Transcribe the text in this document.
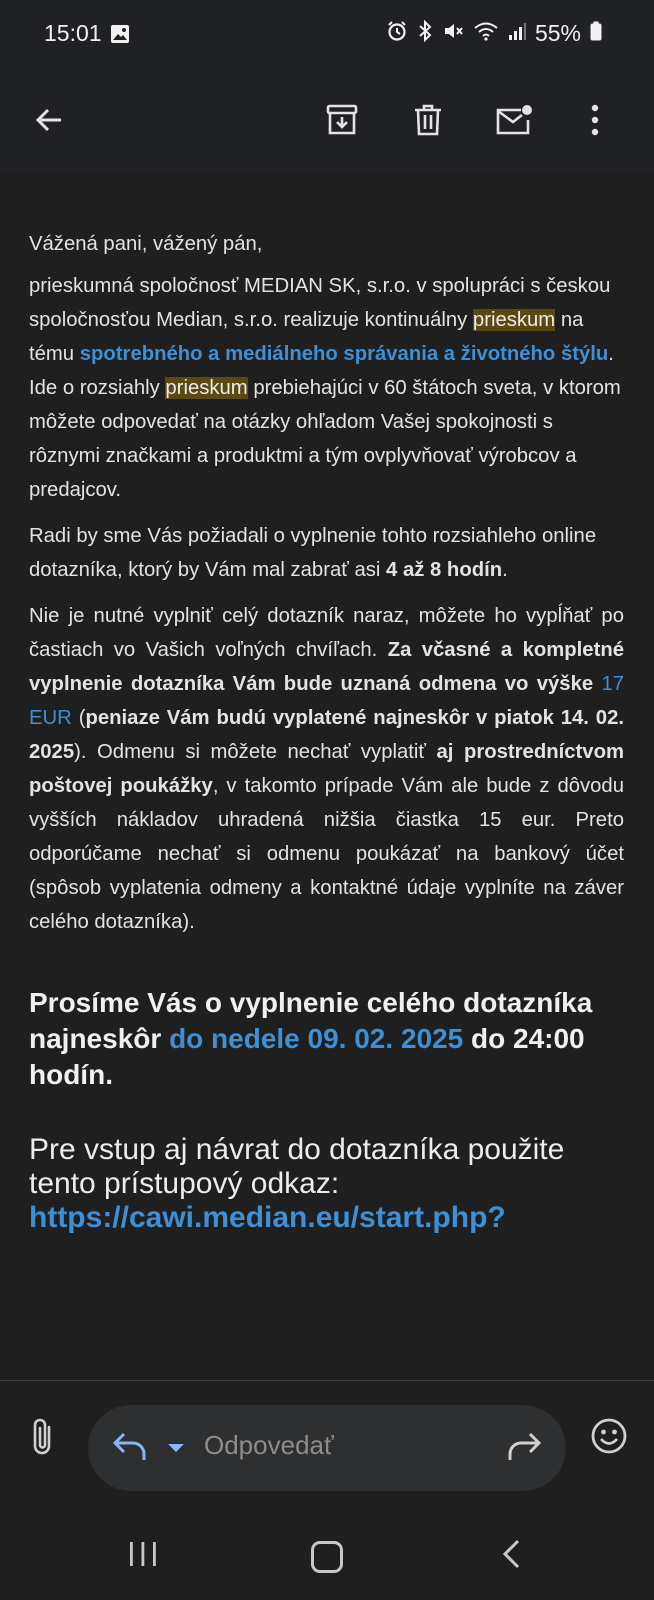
15:01	55%

Vážená pani, vážený pán,

prieskumná spoločnosť MEDIAN SK, s.r.o. v spolupráci s českou spoločnosťou Median, s.r.o. realizuje kontinuálny prieskum na tému spotrebného a mediálneho správania a životného štýlu. Ide o rozsiahly prieskum prebiehajúci v 60 štátoch sveta, v ktorom môžete odpovedať na otázky ohľadom Vašej spokojnosti s rôznymi značkami a produktmi a tým ovplyvňovať výrobcov a predajcov.

Radi by sme Vás požiadali o vyplnenie tohto rozsiahleho online dotazníka, ktorý by Vám mal zabrať asi 4 až 8 hodín.

Nie je nutné vyplniť celý dotazník naraz, môžete ho vypĺňať po častiach vo Vašich voľných chvíľach. Za včasné a kompletné vyplnenie dotazníka Vám bude uznaná odmena vo výške 17 EUR (peniaze Vám budú vyplatené najneskôr v piatok 14. 02. 2025). Odmenu si môžete nechať vyplatiť aj prostredníctvom poštovej poukážky, v takomto prípade Vám ale bude z dôvodu vyšších nákladov uhradená nižšia čiastka 15 eur. Preto odporúčame nechať si odmenu poukázať na bankový účet (spôsob vyplatenia odmeny a kontaktné údaje vyplníte na záver celého dotazníka).

Prosíme Vás o vyplnenie celého dotazníka najneskôr do nedele 09. 02. 2025 do 24:00 hodín.

Pre vstup aj návrat do dotazníka použite tento prístupový odkaz:
https://cawi.median.eu/start.php?

Odpovedať
